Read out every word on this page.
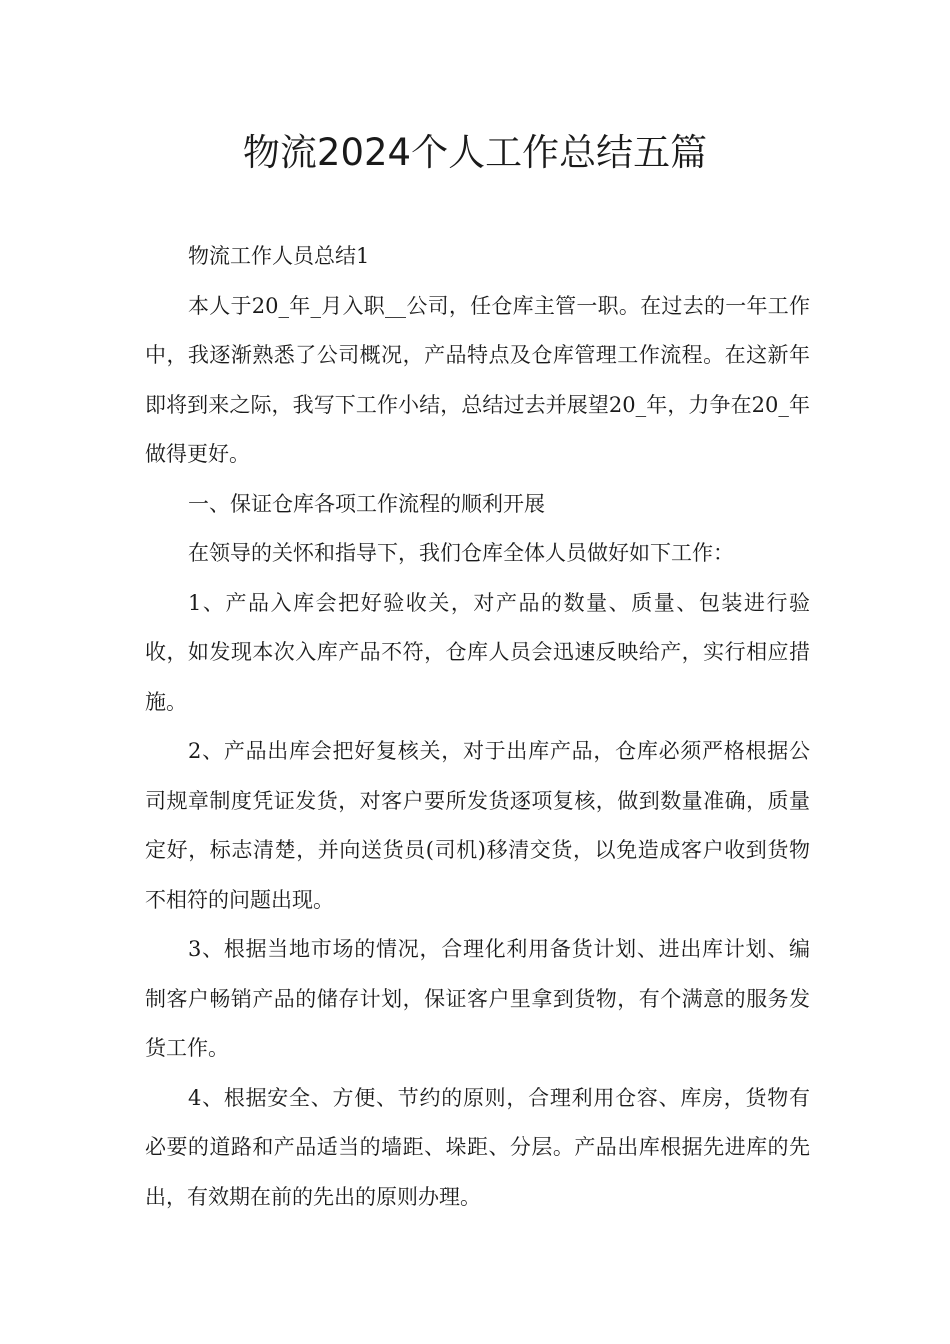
物流2024个人工作总结五篇

物流工作人员总结1

本人于20_年_月入职__公司，任仓库主管一职。在过去的一年工作中，我逐渐熟悉了公司概况，产品特点及仓库管理工作流程。在这新年即将到来之际，我写下工作小结，总结过去并展望20_年，力争在20_年做得更好。

一、保证仓库各项工作流程的顺利开展

在领导的关怀和指导下，我们仓库全体人员做好如下工作：

1、产品入库会把好验收关，对产品的数量、质量、包装进行验收，如发现本次入库产品不符，仓库人员会迅速反映给产，实行相应措施。

2、产品出库会把好复核关，对于出库产品，仓库必须严格根据公司规章制度凭证发货，对客户要所发货逐项复核，做到数量准确，质量定好，标志清楚，并向送货员(司机)移清交货，以免造成客户收到货物不相符的问题出现。

3、根据当地市场的情况，合理化利用备货计划、进出库计划、编制客户畅销产品的储存计划，保证客户里拿到货物，有个满意的服务发货工作。

4、根据安全、方便、节约的原则，合理利用仓容、库房，货物有必要的道路和产品适当的墙距、垛距、分层。产品出库根据先进库的先出，有效期在前的先出的原则办理。
